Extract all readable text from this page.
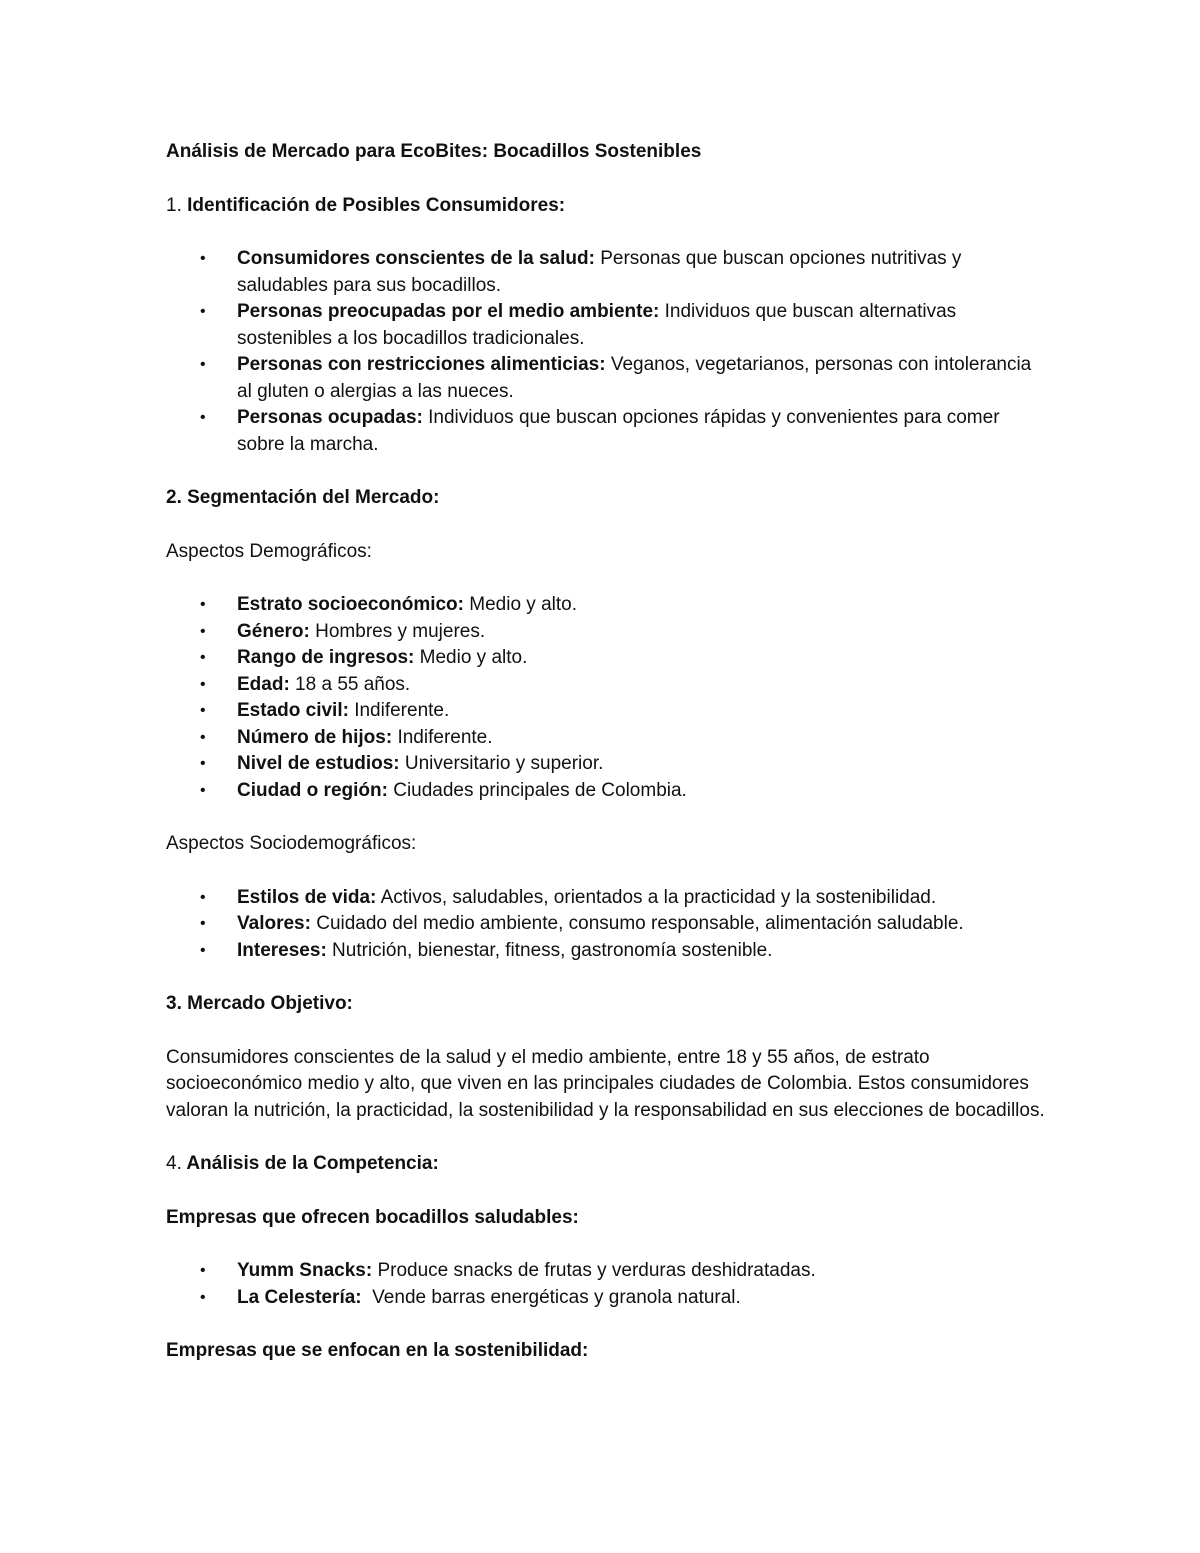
Análisis de Mercado para EcoBites: Bocadillos Sostenibles

1. Identificación de Posibles Consumidores:

• Consumidores conscientes de la salud: Personas que buscan opciones nutritivas y saludables para sus bocadillos.
• Personas preocupadas por el medio ambiente: Individuos que buscan alternativas sostenibles a los bocadillos tradicionales.
• Personas con restricciones alimenticias: Veganos, vegetarianos, personas con intolerancia al gluten o alergias a las nueces.
• Personas ocupadas: Individuos que buscan opciones rápidas y convenientes para comer sobre la marcha.

2. Segmentación del Mercado:

Aspectos Demográficos:

• Estrato socioeconómico: Medio y alto.
• Género: Hombres y mujeres.
• Rango de ingresos: Medio y alto.
• Edad: 18 a 55 años.
• Estado civil: Indiferente.
• Número de hijos: Indiferente.
• Nivel de estudios: Universitario y superior.
• Ciudad o región: Ciudades principales de Colombia.

Aspectos Sociodemográficos:

• Estilos de vida: Activos, saludables, orientados a la practicidad y la sostenibilidad.
• Valores: Cuidado del medio ambiente, consumo responsable, alimentación saludable.
• Intereses: Nutrición, bienestar, fitness, gastronomía sostenible.

3. Mercado Objetivo:

Consumidores conscientes de la salud y el medio ambiente, entre 18 y 55 años, de estrato socioeconómico medio y alto, que viven en las principales ciudades de Colombia. Estos consumidores valoran la nutrición, la practicidad, la sostenibilidad y la responsabilidad en sus elecciones de bocadillos.

4. Análisis de la Competencia:

Empresas que ofrecen bocadillos saludables:

• Yumm Snacks: Produce snacks de frutas y verduras deshidratadas.
• La Celestería:  Vende barras energéticas y granola natural.

Empresas que se enfocan en la sostenibilidad:
